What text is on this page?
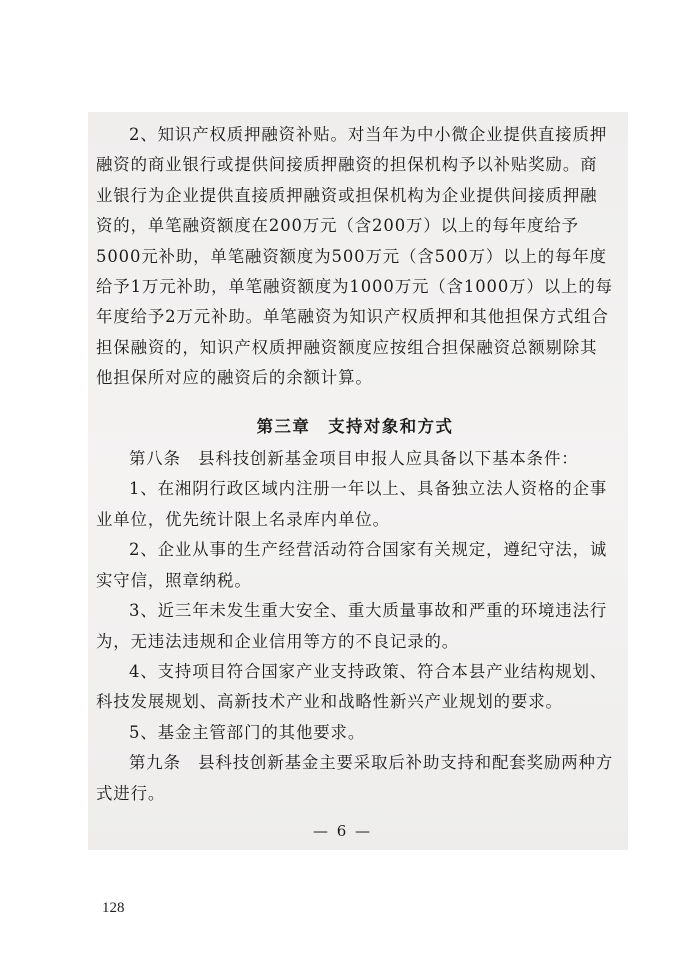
2、知识产权质押融资补贴。对当年为中小微企业提供直接质押融资的商业银行或提供间接质押融资的担保机构予以补贴奖励。商业银行为企业提供直接质押融资或担保机构为企业提供间接质押融资的，单笔融资额度在200万元（含200万）以上的每年度给予5000元补助，单笔融资额度为500万元（含500万）以上的每年度给予1万元补助，单笔融资额度为1000万元（含1000万）以上的每年度给予2万元补助。单笔融资为知识产权质押和其他担保方式组合担保融资的，知识产权质押融资额度应按组合担保融资总额剔除其他担保所对应的融资后的余额计算。

第三章　支持对象和方式

第八条　县科技创新基金项目申报人应具备以下基本条件：

1、在湘阴行政区域内注册一年以上、具备独立法人资格的企事业单位，优先统计限上名录库内单位。

2、企业从事的生产经营活动符合国家有关规定，遵纪守法，诚实守信，照章纳税。

3、近三年未发生重大安全、重大质量事故和严重的环境违法行为，无违法违规和企业信用等方的不良记录的。

4、支持项目符合国家产业支持政策、符合本县产业结构规划、科技发展规划、高新技术产业和战略性新兴产业规划的要求。

5、基金主管部门的其他要求。

第九条　县科技创新基金主要采取后补助支持和配套奖励两种方式进行。

— 6 —
128
